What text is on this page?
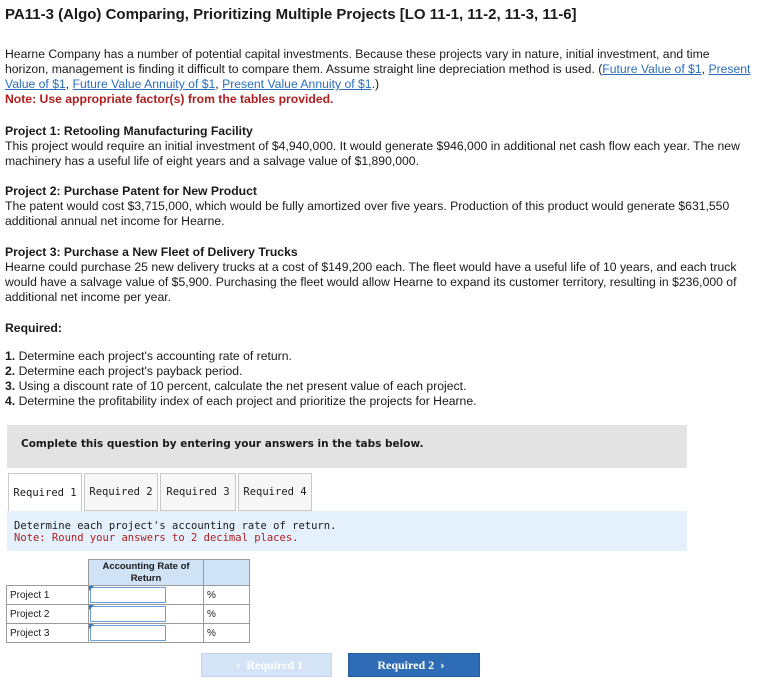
PA11-3 (Algo) Comparing, Prioritizing Multiple Projects [LO 11-1, 11-2, 11-3, 11-6]
Hearne Company has a number of potential capital investments. Because these projects vary in nature, initial investment, and time horizon, management is finding it difficult to compare them. Assume straight line depreciation method is used. (Future Value of $1, Present Value of $1, Future Value Annuity of $1, Present Value Annuity of $1.)
Note: Use appropriate factor(s) from the tables provided.
Project 1: Retooling Manufacturing Facility
This project would require an initial investment of $4,940,000. It would generate $946,000 in additional net cash flow each year. The new machinery has a useful life of eight years and a salvage value of $1,890,000.
Project 2: Purchase Patent for New Product
The patent would cost $3,715,000, which would be fully amortized over five years. Production of this product would generate $631,550 additional annual net income for Hearne.
Project 3: Purchase a New Fleet of Delivery Trucks
Hearne could purchase 25 new delivery trucks at a cost of $149,200 each. The fleet would have a useful life of 10 years, and each truck would have a salvage value of $5,900. Purchasing the fleet would allow Hearne to expand its customer territory, resulting in $236,000 of additional net income per year.
Required:
1. Determine each project's accounting rate of return.
2. Determine each project's payback period.
3. Using a discount rate of 10 percent, calculate the net present value of each project.
4. Determine the profitability index of each project and prioritize the projects for Hearne.
Complete this question by entering your answers in the tabs below.
Required 1	Required 2	Required 3	Required 4
Determine each project's accounting rate of return.
Note: Round your answers to 2 decimal places.
	Accounting Rate of Return	
Project 1		%
Project 2		%
Project 3		%
‹ Required 1	Required 2 ›
